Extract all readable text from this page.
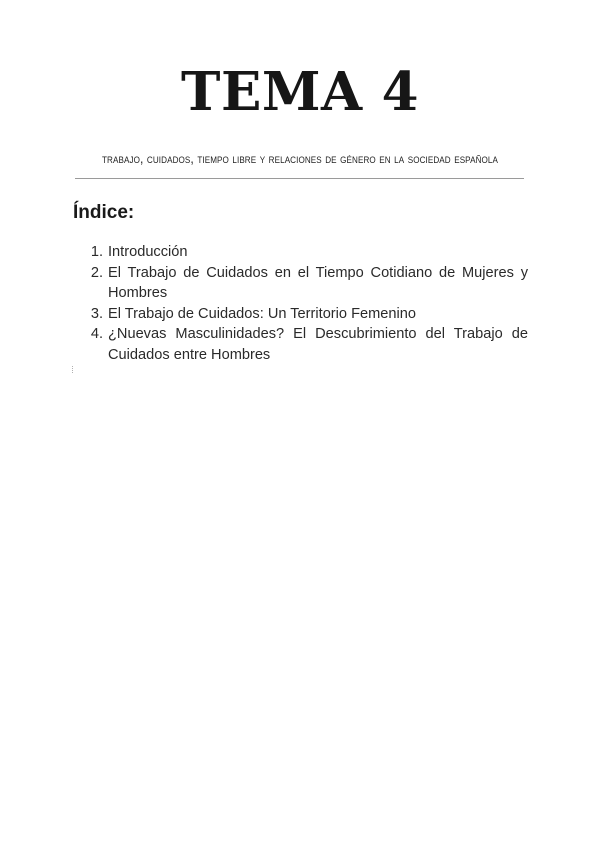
TEMA 4
trabajo, cuidados, tiempo libre y relaciones de género en la sociedad española
Índice:
1. Introducción
2. El Trabajo de Cuidados en el Tiempo Cotidiano de Mujeres y Hombres
3. El Trabajo de Cuidados: Un Territorio Femenino
4. ¿Nuevas Masculinidades? El Descubrimiento del Trabajo de Cuidados entre Hombres
